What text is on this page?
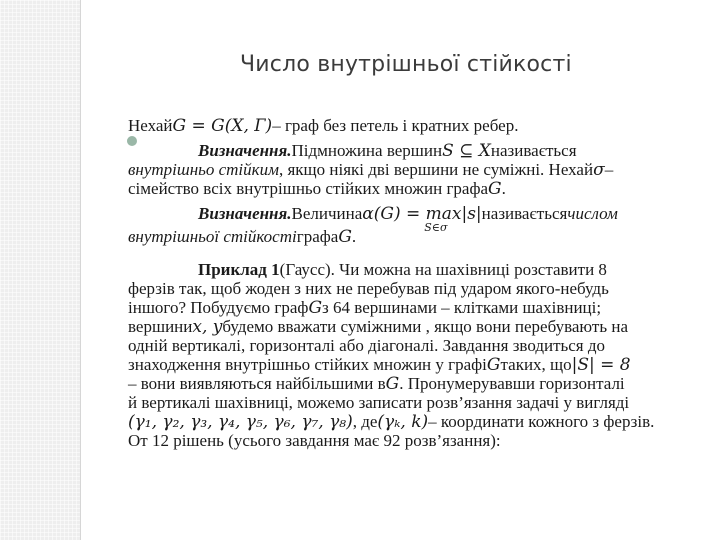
Число внутрішньої стійкості
Нехай 𝐺 = 𝐺(𝑋, Г) – граф без петель і кратних ребер.
Визначення. Підмножина вершин 𝑆 ⊆ 𝑋 називається
внутрішньо стійким , якщо ніякі дві вершини не суміжні. Нехай 𝜎 –
сімейство всіх внутрішньо стійких множин графа 𝐺 .
Визначення. Величина 𝛼(𝐺) = max|𝑠|
𝑆∈𝜎
називається числом
внутрішньої стійкості графа 𝐺 .
Приклад 1 (Гаусс). Чи можна на шахівниці розставити 8
ферзів так, щоб жоден з них не перебував під ударом якого-небудь
іншого? Побудуємо граф 𝐺 з 64 вершинами – клітками шахівниці;
вершини 𝑥, 𝑦 будемо вважати суміжними , якщо вони перебувають на
одній вертикалі, горизонталі або діагоналі. Завдання зводиться до
знаходження внутрішньо стійких множин у графі 𝐺 таких, що |𝑆| = 8
– вони виявляються найбільшими в 𝐺 . Пронумерувавши горизонталі
й вертикалі шахівниці, можемо записати розв’язання задачі у вигляді
(𝛾₁, 𝛾₂, 𝛾₃, 𝛾₄, 𝛾₅, 𝛾₆, 𝛾₇, 𝛾₈) , де (𝛾ₖ, 𝑘) – координати кожного з ферзів.
От 12 рішень (усього завдання має 92 розв’язання):
